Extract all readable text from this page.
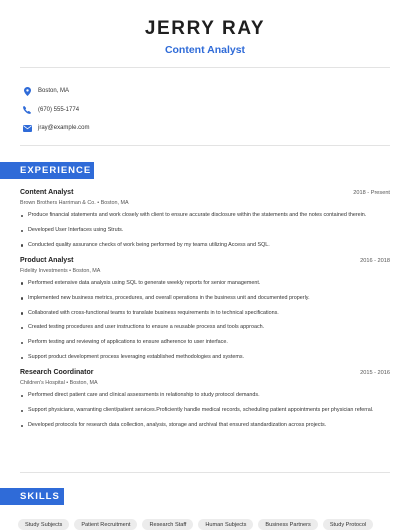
JERRY RAY
Content Analyst
Boston, MA
(670) 555-1774
jray@example.com
EXPERIENCE
Content Analyst	2018 - Present
Brown Brothers Harriman & Co. • Boston, MA
Produce financial statements and work closely with client to ensure accurate disclosure within the statements and the notes contained therein.
Developed User Interfaces using Struts.
Conducted quality assurance checks of work being performed by my teams utilizing Access and SQL.
Product Analyst	2016 - 2018
Fidelity Investments • Boston, MA
Performed extensive data analysis using SQL to generate weekly reports for senior management.
Implemented new business metrics, procedures, and overall operations in the business unit and documented properly.
Collaborated with cross-functional teams to translate business requirements in to technical specifications.
Created testing procedures and user instructions to ensure a reusable process and tools approach.
Perform testing and reviewing of applications to ensure adherence to user interface.
Support product development process leveraging established methodologies and systems.
Research Coordinator	2015 - 2016
Children's Hospital • Boston, MA
Performed direct patient care and clinical assessments in relationship to study protocol demands.
Support physicians, warranting client/patient services.Proficiently handle medical records, scheduling patient appointments per physician referral.
Developed protocols for research data collection, analysis, storage and archival that ensured standardization across projects.
SKILLS
Study Subjects	Patient Recruitment	Research Staff	Human Subjects	Business Partners	Study Protocol
